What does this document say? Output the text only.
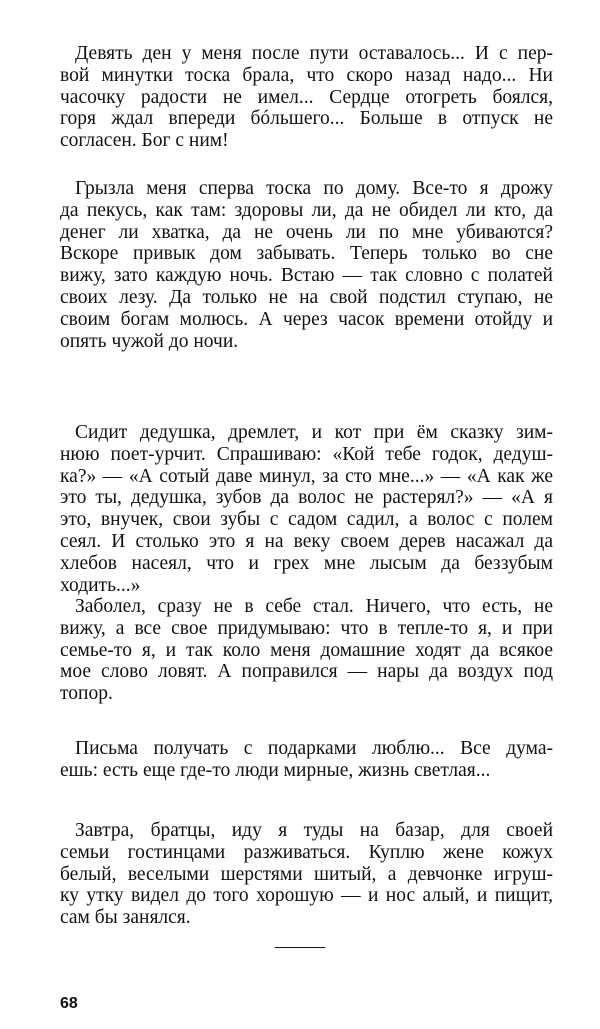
Девять ден у меня после пути оставалось... И с пер-
вой минутки тоска брала, что скоро назад надо... Ни
часочку радости не имел... Сердце отогреть боялся,
горя ждал впереди бóльшего... Больше в отпуск не
согласен. Бог с ним!
Грызла меня сперва тоска по дому. Все-то я дрожу
да пекусь, как там: здоровы ли, да не обидел ли кто, да
денег ли хватка, да не очень ли по мне убиваются?
Вскоре привык дом забывать. Теперь только во сне
вижу, зато каждую ночь. Встаю — так словно с полатей
своих лезу. Да только не на свой подстил ступаю, не
своим богам молюсь. А через часок времени отойду и
опять чужой до ночи.
Сидит дедушка, дремлет, и кот при ём сказку зим-
нюю поет-урчит. Спрашиваю: «Кой тебе годок, дедуш-
ка?» — «А сотый даве минул, за сто мне...» — «А как же
это ты, дедушка, зубов да волос не растерял?» — «А я
это, внучек, свои зубы с садом садил, а волос с полем
сеял. И столько это я на веку своем дерев насажал да
хлебов насеял, что и грех мне лысым да беззубым
ходить...»
Заболел, сразу не в себе стал. Ничего, что есть, не
вижу, а все свое придумываю: что в тепле-то я, и при
семье-то я, и так коло меня домашние ходят да всякое
мое слово ловят. А поправился — нары да воздух под
топор.
Письма получать с подарками люблю... Все дума-
ешь: есть еще где-то люди мирные, жизнь светлая...
Завтра, братцы, иду я туды на базар, для своей
семьи гостинцами разживаться. Куплю жене кожух
белый, веселыми шерстями шитый, а девчонке игруш-
ку утку видел до того хорошую — и нос алый, и пищит,
сам бы занялся.
68
